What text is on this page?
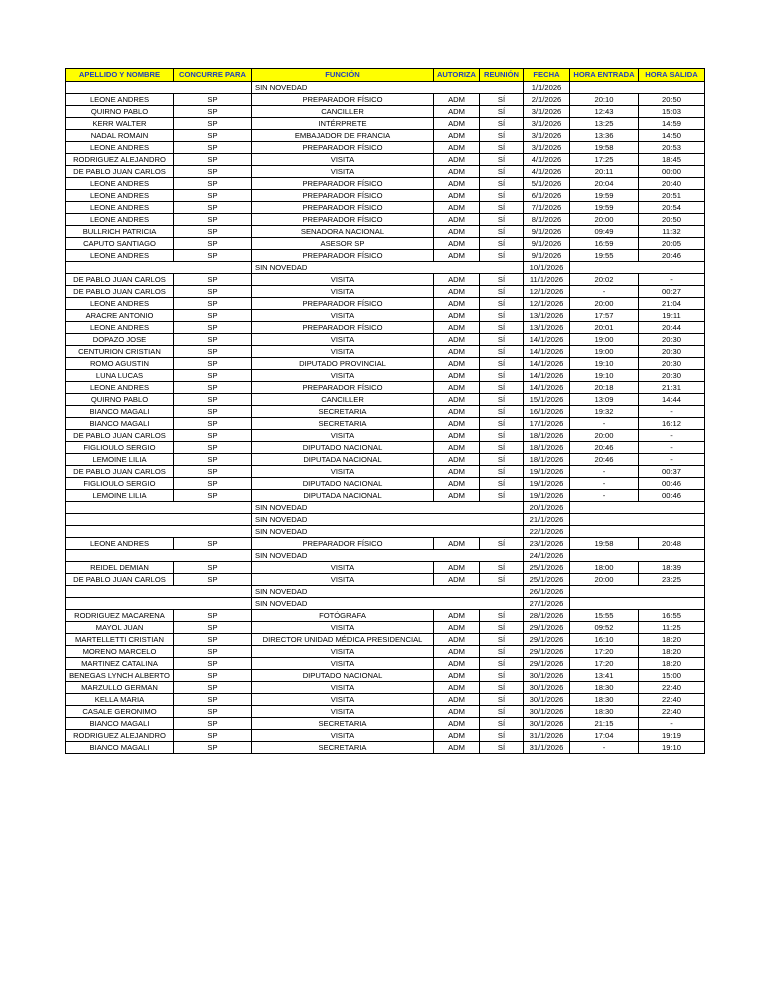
APELLIDO Y NOMBRE	CONCURRE PARA	FUNCIÓN	AUTORIZA	REUNIÓN	FECHA	HORA ENTRADA	HORA SALIDA
		SIN NOVEDAD			1/1/2026		
LEONE ANDRES	SP	PREPARADOR FÍSICO	ADM	SÍ	2/1/2026	20:10	20:50
QUIRNO PABLO	SP	CANCILLER	ADM	SÍ	3/1/2026	12:43	15:03
KERR WALTER	SP	INTÉRPRETE	ADM	SÍ	3/1/2026	13:25	14:59
NADAL ROMAIN	SP	EMBAJADOR DE FRANCIA	ADM	SÍ	3/1/2026	13:36	14:50
LEONE ANDRES	SP	PREPARADOR FÍSICO	ADM	SÍ	3/1/2026	19:58	20:53
RODRIGUEZ ALEJANDRO	SP	VISITA	ADM	SÍ	4/1/2026	17:25	18:45
DE PABLO JUAN CARLOS	SP	VISITA	ADM	SÍ	4/1/2026	20:11	00:00
LEONE ANDRES	SP	PREPARADOR FÍSICO	ADM	SÍ	5/1/2026	20:04	20:40
LEONE ANDRES	SP	PREPARADOR FÍSICO	ADM	SÍ	6/1/2026	19:59	20:51
LEONE ANDRES	SP	PREPARADOR FÍSICO	ADM	SÍ	7/1/2026	19:59	20:54
LEONE ANDRES	SP	PREPARADOR FÍSICO	ADM	SÍ	8/1/2026	20:00	20:50
BULLRICH PATRICIA	SP	SENADORA NACIONAL	ADM	SÍ	9/1/2026	09:49	11:32
CAPUTO SANTIAGO	SP	ASESOR SP	ADM	SÍ	9/1/2026	16:59	20:05
LEONE ANDRES	SP	PREPARADOR FÍSICO	ADM	SÍ	9/1/2026	19:55	20:46
		SIN NOVEDAD			10/1/2026		
DE PABLO JUAN CARLOS	SP	VISITA	ADM	SÍ	11/1/2026	20:02	-
DE PABLO JUAN CARLOS	SP	VISITA	ADM	SÍ	12/1/2026	-	00:27
LEONE ANDRES	SP	PREPARADOR FÍSICO	ADM	SÍ	12/1/2026	20:00	21:04
ARACRE ANTONIO	SP	VISITA	ADM	SÍ	13/1/2026	17:57	19:11
LEONE ANDRES	SP	PREPARADOR FÍSICO	ADM	SÍ	13/1/2026	20:01	20:44
DOPAZO JOSE	SP	VISITA	ADM	SÍ	14/1/2026	19:00	20:30
CENTURION CRISTIAN	SP	VISITA	ADM	SÍ	14/1/2026	19:00	20:30
ROMO AGUSTIN	SP	DIPUTADO PROVINCIAL	ADM	SÍ	14/1/2026	19:10	20:30
LUNA LUCAS	SP	VISITA	ADM	SÍ	14/1/2026	19:10	20:30
LEONE ANDRES	SP	PREPARADOR FÍSICO	ADM	SÍ	14/1/2026	20:18	21:31
QUIRNO PABLO	SP	CANCILLER	ADM	SÍ	15/1/2026	13:09	14:44
BIANCO MAGALI	SP	SECRETARIA	ADM	SÍ	16/1/2026	19:32	-
BIANCO MAGALI	SP	SECRETARIA	ADM	SÍ	17/1/2026	-	16:12
DE PABLO JUAN CARLOS	SP	VISITA	ADM	SÍ	18/1/2026	20:00	-
FIGLIOULO SERGIO	SP	DIPUTADO NACIONAL	ADM	SÍ	18/1/2026	20:46	-
LEMOINE LILIA	SP	DIPUTADA NACIONAL	ADM	SÍ	18/1/2026	20:46	-
DE PABLO JUAN CARLOS	SP	VISITA	ADM	SÍ	19/1/2026	-	00:37
FIGLIOULO SERGIO	SP	DIPUTADO NACIONAL	ADM	SÍ	19/1/2026	-	00:46
LEMOINE LILIA	SP	DIPUTADA NACIONAL	ADM	SÍ	19/1/2026	-	00:46
		SIN NOVEDAD			20/1/2026		
		SIN NOVEDAD			21/1/2026		
		SIN NOVEDAD			22/1/2026		
LEONE ANDRES	SP	PREPARADOR FÍSICO	ADM	SÍ	23/1/2026	19:58	20:48
		SIN NOVEDAD			24/1/2026		
REIDEL DEMIAN	SP	VISITA	ADM	SÍ	25/1/2026	18:00	18:39
DE PABLO JUAN CARLOS	SP	VISITA	ADM	SÍ	25/1/2026	20:00	23:25
		SIN NOVEDAD			26/1/2026		
		SIN NOVEDAD			27/1/2026		
RODRIGUEZ MACARENA	SP	FOTÓGRAFA	ADM	SÍ	28/1/2026	15:55	16:55
MAYOL JUAN	SP	VISITA	ADM	SÍ	29/1/2026	09:52	11:25
MARTELLETTI CRISTIAN	SP	DIRECTOR UNIDAD MÉDICA PRESIDENCIAL	ADM	SÍ	29/1/2026	16:10	18:20
MORENO MARCELO	SP	VISITA	ADM	SÍ	29/1/2026	17:20	18:20
MARTINEZ CATALINA	SP	VISITA	ADM	SÍ	29/1/2026	17:20	18:20
BENEGAS LYNCH ALBERTO	SP	DIPUTADO NACIONAL	ADM	SÍ	30/1/2026	13:41	15:00
MARZULLO GERMAN	SP	VISITA	ADM	SÍ	30/1/2026	18:30	22:40
KELLA MARIA	SP	VISITA	ADM	SÍ	30/1/2026	18:30	22:40
CASALE GERONIMO	SP	VISITA	ADM	SÍ	30/1/2026	18:30	22:40
BIANCO MAGALI	SP	SECRETARIA	ADM	SÍ	30/1/2026	21:15	-
RODRIGUEZ ALEJANDRO	SP	VISITA	ADM	SÍ	31/1/2026	17:04	19:19
BIANCO MAGALI	SP	SECRETARIA	ADM	SÍ	31/1/2026	-	19:10
